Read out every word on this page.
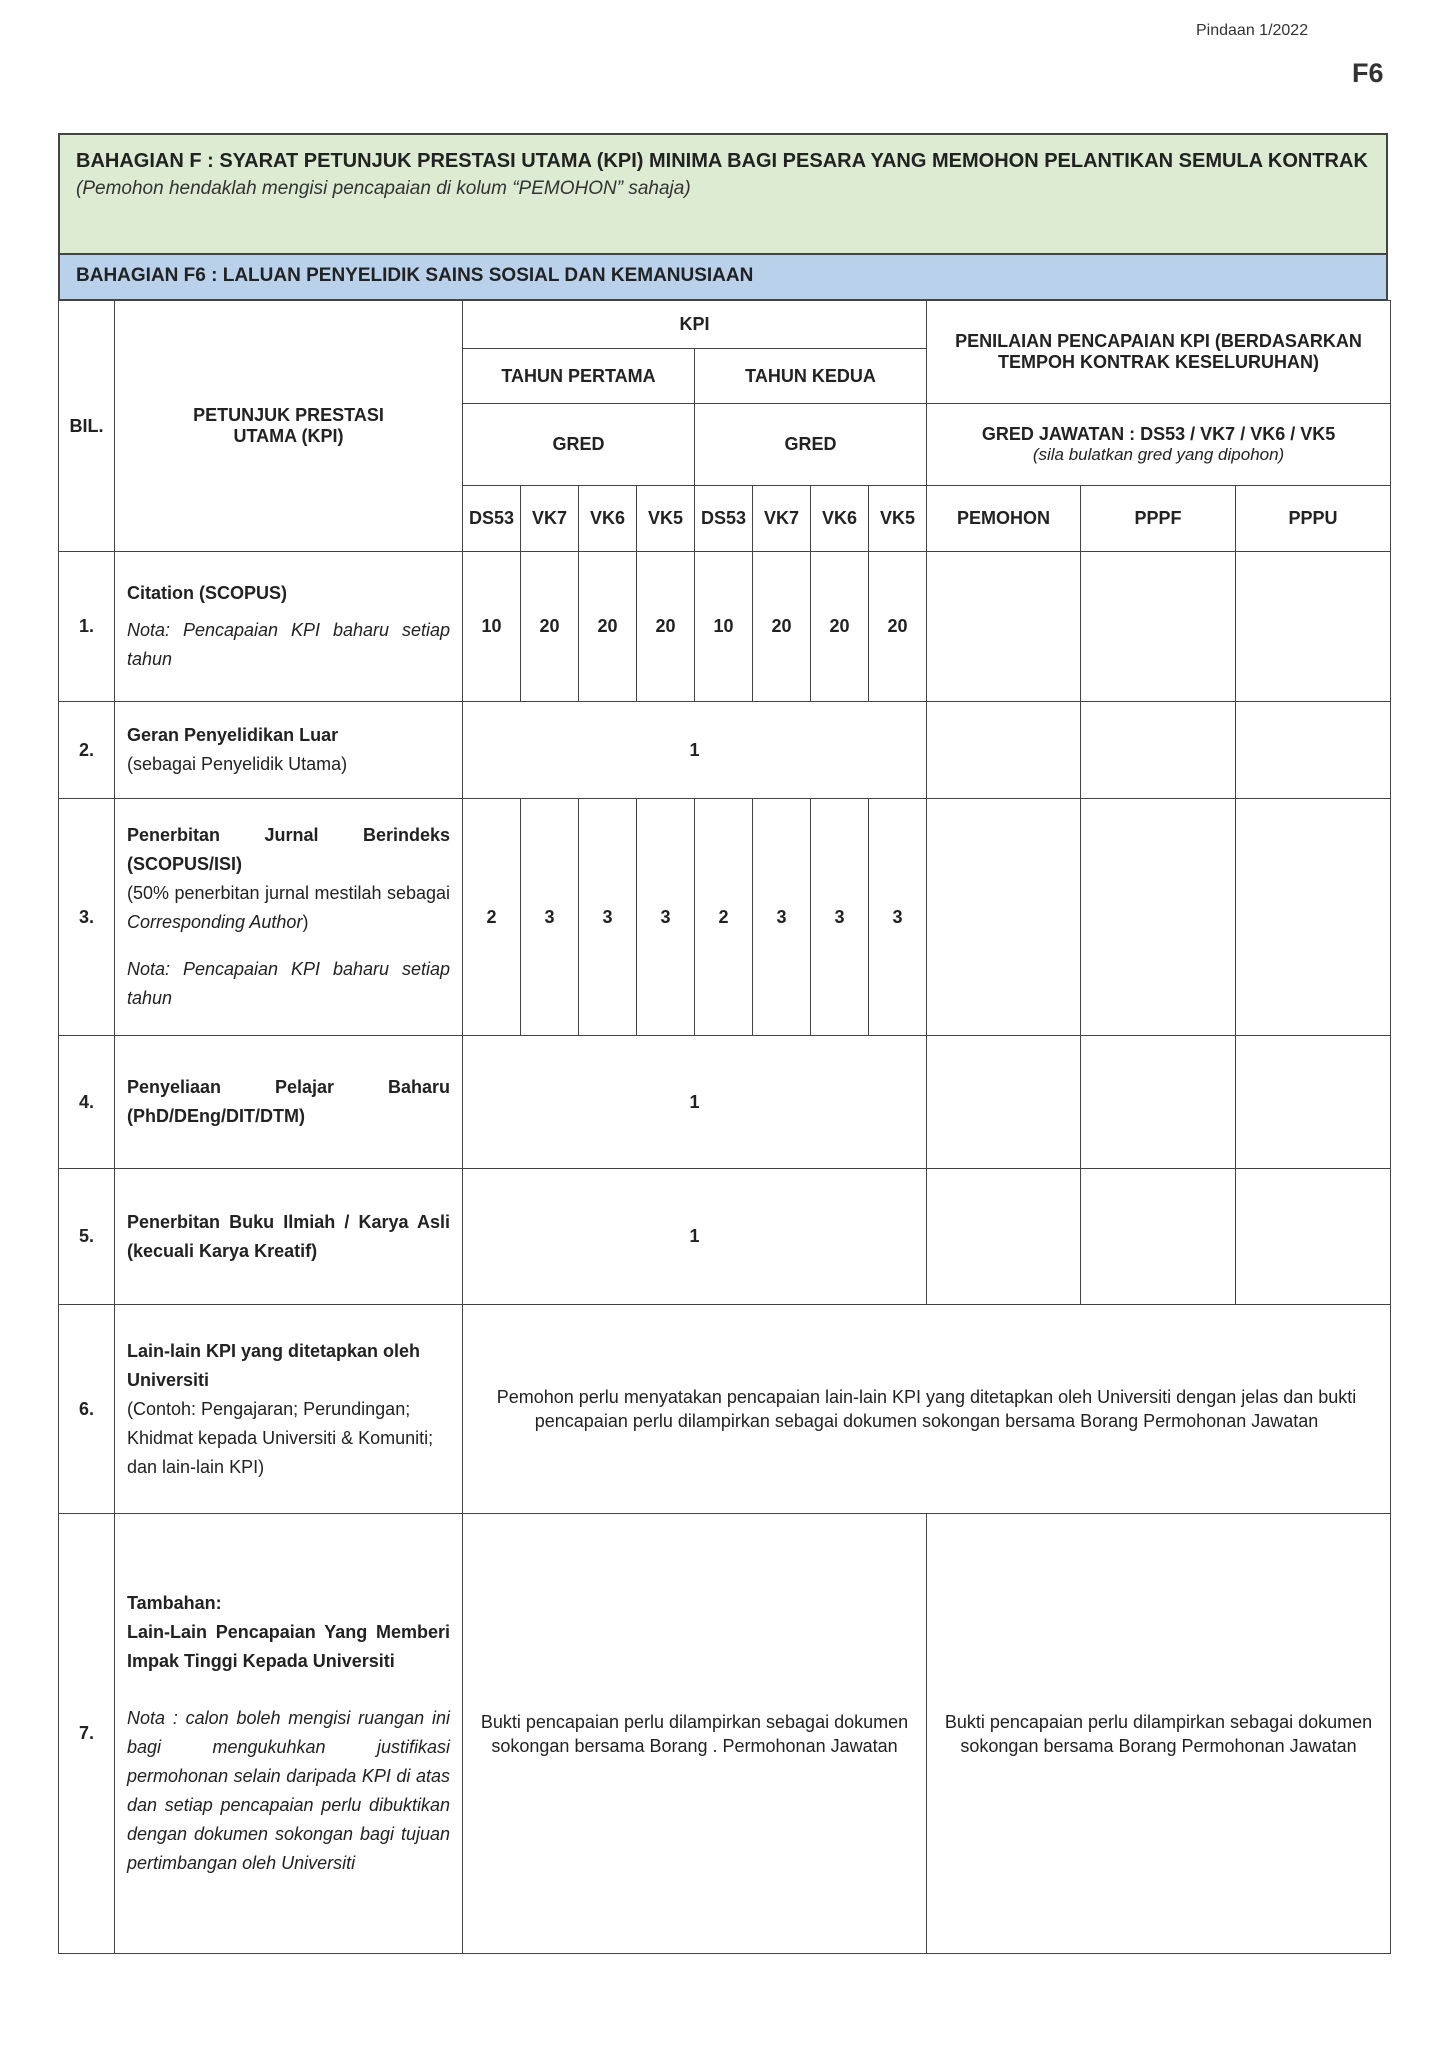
Pindaan 1/2022
F6
BAHAGIAN F : SYARAT PETUNJUK PRESTASI UTAMA (KPI) MINIMA BAGI PESARA YANG MEMOHON PELANTIKAN SEMULA KONTRAK
(Pemohon hendaklah mengisi pencapaian di kolum “PEMOHON” sahaja)
BAHAGIAN F6 : LALUAN PENYELIDIK SAINS SOSIAL DAN KEMANUSIAAN
BIL.	PETUNJUK PRESTASI UTAMA (KPI)	KPI								PENILAIAN PENCAPAIAN KPI (BERDASARKAN TEMPOH KONTRAK KESELURUHAN)		
		TAHUN PERTAMA				TAHUN KEDUA						
		GRED				GRED				GRED JAWATAN : DS53 / VK7 / VK6 / VK5
(sila bulatkan gred yang dipohon)		

		DS53	VK7	VK6	VK5	DS53	VK7	VK6	VK5	PEMOHON	PPPF	PPPU
1.	Citation (SCOPUS)
Nota: Pencapaian KPI baharu setiap tahun	10	20	20	20	10	20	20	20			
2.	Geran Penyelidikan Luar
(sebagai Penyelidik Utama)	1										
3.	Penerbitan Jurnal Berindeks (SCOPUS/ISI)
(50% penerbitan jurnal mestilah sebagai Corresponding Author)
Nota: Pencapaian KPI baharu setiap tahun	2	3	3	3	2	3	3	3			
4.	Penyeliaan Pelajar Baharu (PhD/DEng/DIT/DTM)	1										
5.	Penerbitan Buku Ilmiah / Karya Asli (kecuali Karya Kreatif)	1										
6.	Lain-lain KPI yang ditetapkan oleh Universiti
(Contoh: Pengajaran; Perundingan; Khidmat kepada Universiti & Komuniti; dan lain-lain KPI)	Pemohon perlu menyatakan pencapaian lain-lain KPI yang ditetapkan oleh Universiti dengan jelas dan bukti pencapaian perlu dilampirkan sebagai dokumen sokongan bersama Borang Permohonan Jawatan										
7.	Tambahan:
Lain-Lain Pencapaian Yang Memberi Impak Tinggi Kepada Universiti
Nota : calon boleh mengisi ruangan ini bagi mengukuhkan justifikasi permohonan selain daripada KPI di atas dan setiap pencapaian perlu dibuktikan dengan dokumen sokongan bagi tujuan pertimbangan oleh Universiti	Bukti pencapaian perlu dilampirkan sebagai dokumen sokongan bersama Borang . Permohonan Jawatan								Bukti pencapaian perlu dilampirkan sebagai dokumen sokongan bersama Borang Permohonan Jawatan		
